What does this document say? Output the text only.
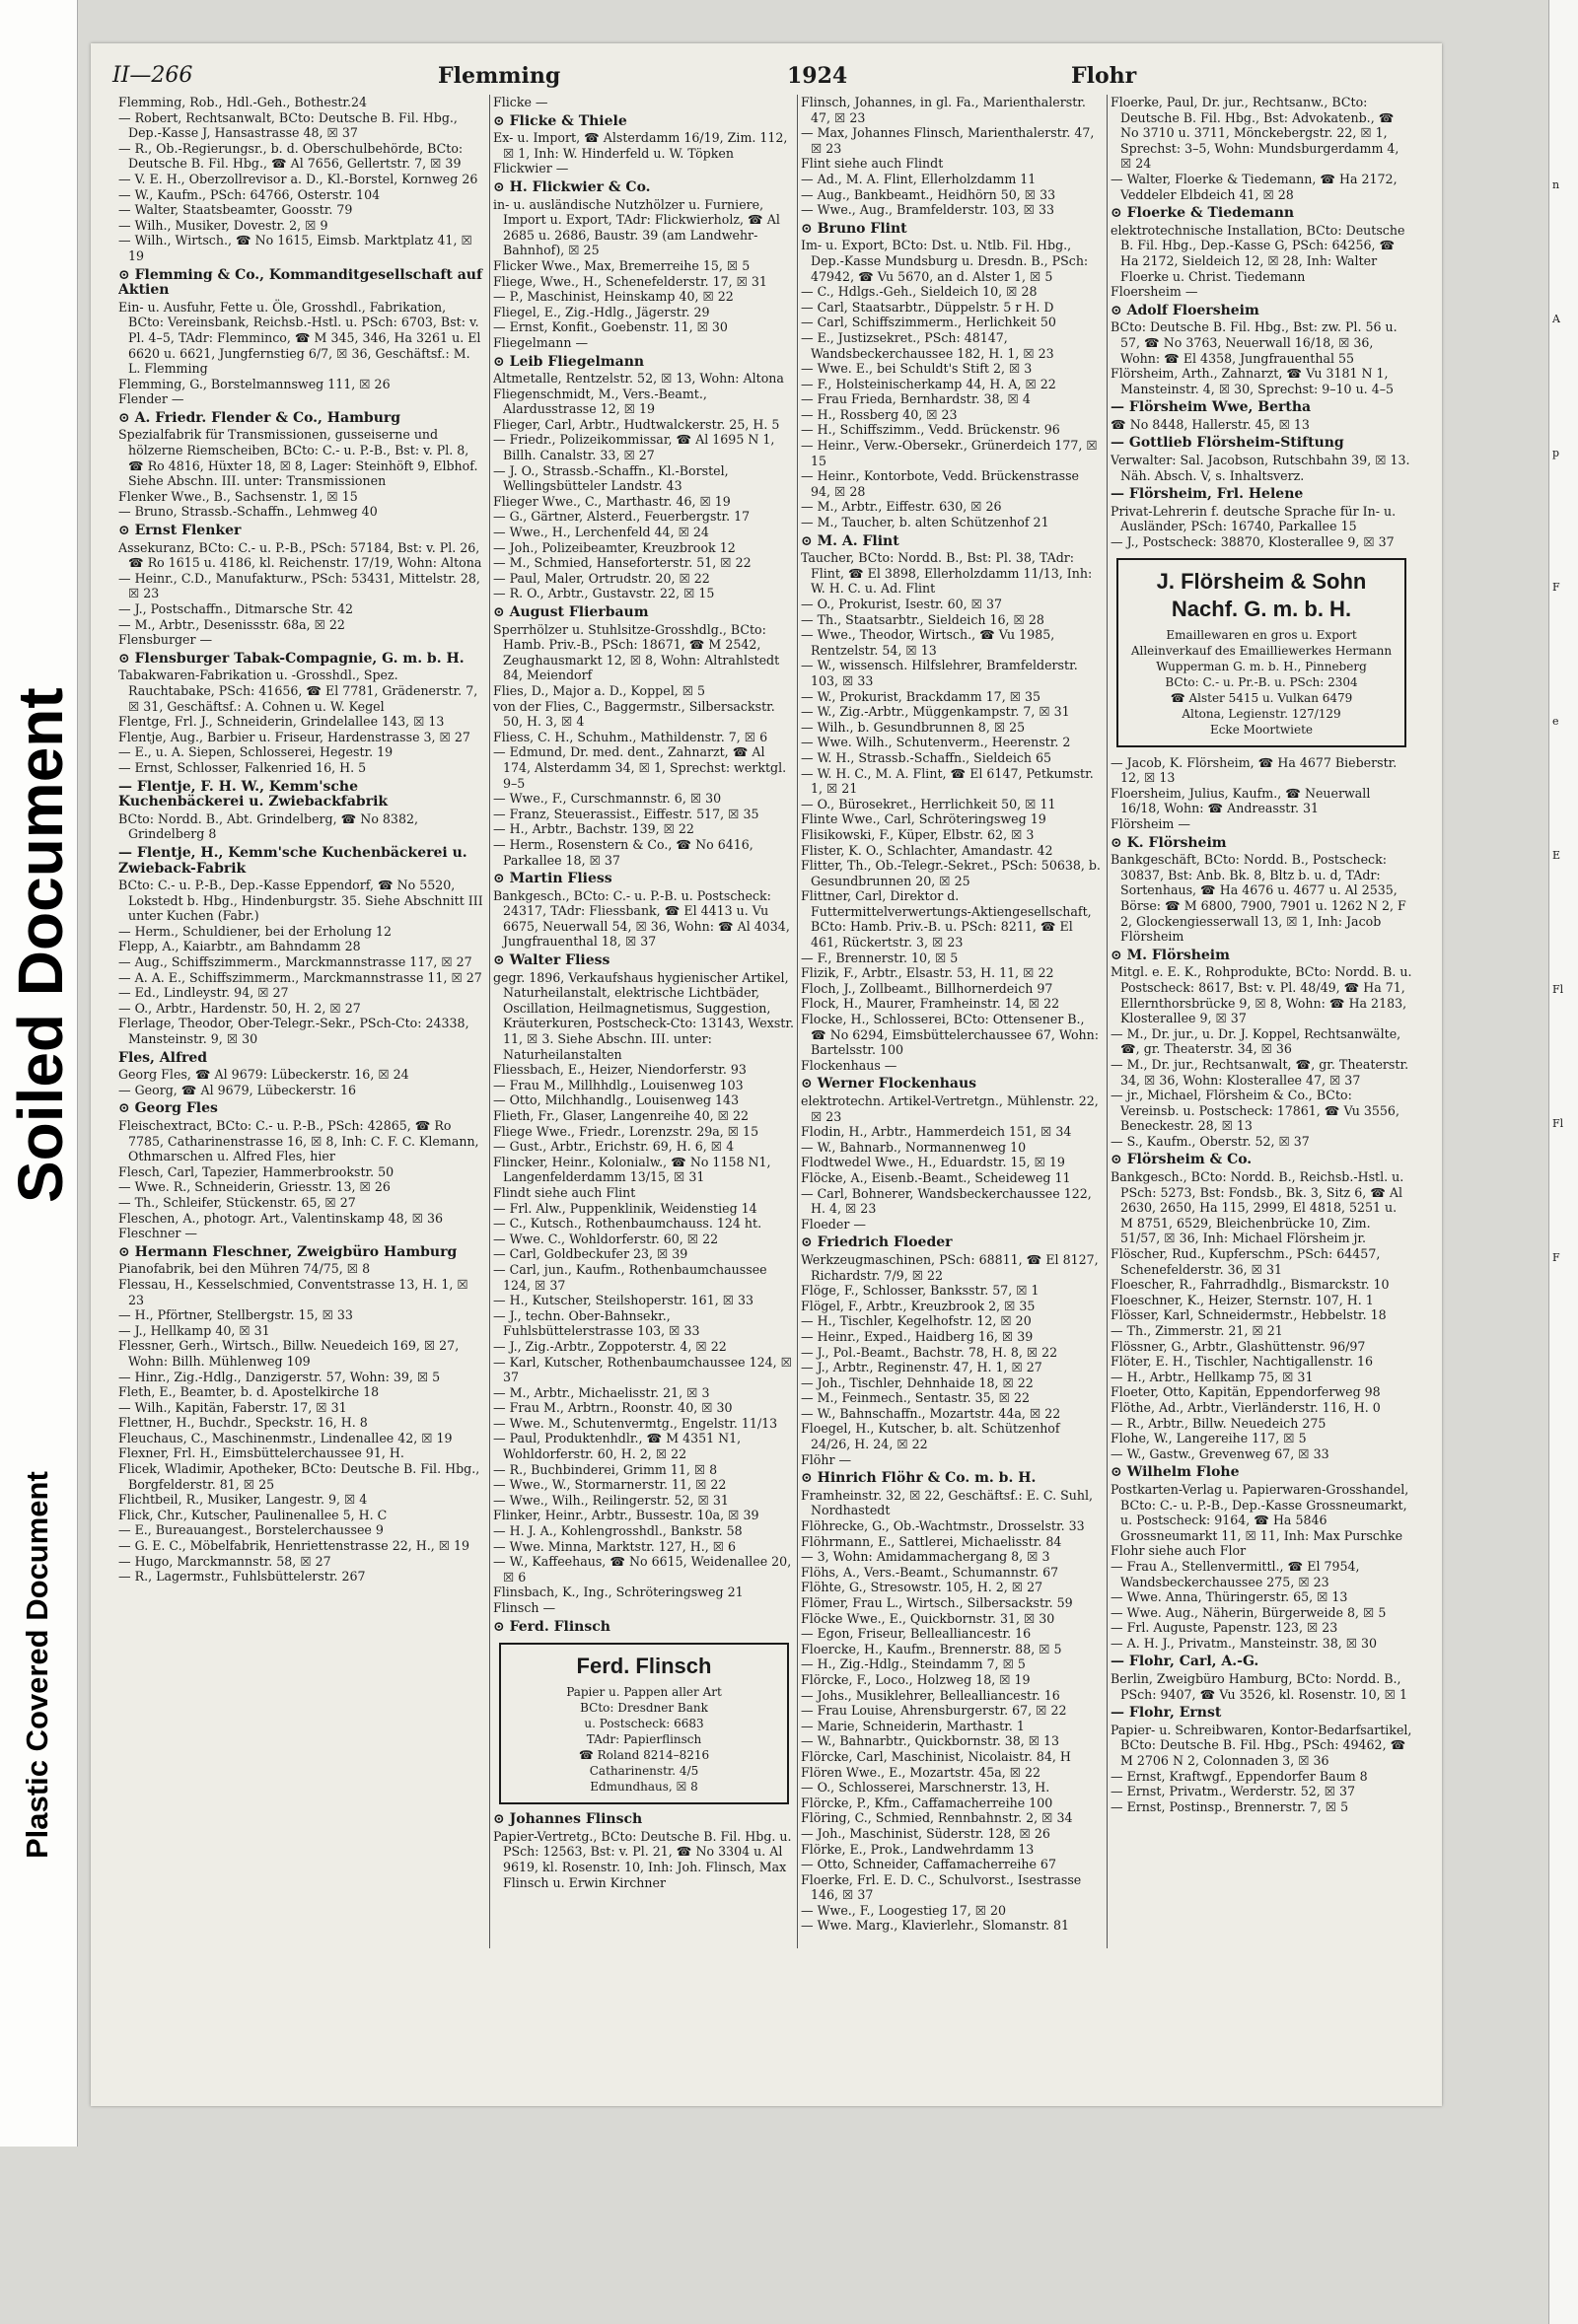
Soiled Document
Plastic Covered Document
II—266	Flemming	1924	Flohr

Flemming, Rob., Hdl.-Geh., Bothestr.24

— Robert, Rechtsanwalt, BCto: Deutsche B. Fil. Hbg., Dep.-Kasse J, Hansastrasse 48, ☒ 37

— R., Ob.-Regierungsr., b. d. Oberschulbehörde, BCto: Deutsche B. Fil. Hbg., ☎ Al 7656, Gellertstr. 7, ☒ 39

— V. E. H., Oberzollrevisor a. D., Kl.-Borstel, Kornweg 26

— W., Kaufm., PSch: 64766, Osterstr. 104

— Walter, Staatsbeamter, Goosstr. 79

— Wilh., Musiker, Dovestr. 2, ☒ 9

— Wilh., Wirtsch., ☎ No 1615, Eimsb. Marktplatz 41, ☒ 19

⊙ Flemming & Co., Kommanditgesellschaft auf Aktien

Ein- u. Ausfuhr, Fette u. Öle, Grosshdl., Fabrikation, BCto: Vereinsbank, Reichsb.-Hstl. u. PSch: 6703, Bst: v. Pl. 4–5, TAdr: Flemminco, ☎ M 345, 346, Ha 3261 u. El 6620 u. 6621, Jungfernstieg 6/7, ☒ 36, Geschäftsf.: M. L. Flemming

Flemming, G., Borstelmannsweg 111, ☒ 26

Flender —

⊙ A. Friedr. Flender & Co., Hamburg

Spezialfabrik für Transmissionen, gusseiserne und hölzerne Riemscheiben, BCto: C.- u. P.-B., Bst: v. Pl. 8, ☎ Ro 4816, Hüxter 18, ☒ 8, Lager: Steinhöft 9, Elbhof. Siehe Abschn. III. unter: Transmissionen

Flenker Wwe., B., Sachsenstr. 1, ☒ 15

— Bruno, Strassb.-Schaffn., Lehmweg 40

⊙ Ernst Flenker

Assekuranz, BCto: C.- u. P.-B., PSch: 57184, Bst: v. Pl. 26, ☎ Ro 1615 u. 4186, kl. Reichenstr. 17/19, Wohn: Altona

— Heinr., C.D., Manufakturw., PSch: 53431, Mittelstr. 28, ☒ 23

— J., Postschaffn., Ditmarsche Str. 42

— M., Arbtr., Desenissstr. 68a, ☒ 22

Flensburger —

⊙ Flensburger Tabak-Compagnie, G. m. b. H.

Tabakwaren-Fabrikation u. -Grosshdl., Spez. Rauchtabake, PSch: 41656, ☎ El 7781, Grädenerstr. 7, ☒ 31, Geschäftsf.: A. Cohnen u. W. Kegel

Flentge, Frl. J., Schneiderin, Grindelallee 143, ☒ 13

Flentje, Aug., Barbier u. Friseur, Hardenstrasse 3, ☒ 27

— E., u. A. Siepen, Schlosserei, Hegestr. 19

— Ernst, Schlosser, Falkenried 16, H. 5

— Flentje, F. H. W., Kemm'sche Kuchenbäckerei u. Zwiebackfabrik

BCto: Nordd. B., Abt. Grindelberg, ☎ No 8382, Grindelberg 8

— Flentje, H., Kemm'sche Kuchenbäckerei u. Zwieback-Fabrik

BCto: C.- u. P.-B., Dep.-Kasse Eppendorf, ☎ No 5520, Lokstedt b. Hbg., Hindenburgstr. 35. Siehe Abschnitt III unter Kuchen (Fabr.)

— Herm., Schuldiener, bei der Erholung 12

Flepp, A., Kaiarbtr., am Bahndamm 28

— Aug., Schiffszimmerm., Marckmannstrasse 117, ☒ 27

— A. A. E., Schiffszimmerm., Marckmannstrasse 11, ☒ 27

— Ed., Lindleystr. 94, ☒ 27

— O., Arbtr., Hardenstr. 50, H. 2, ☒ 27

Flerlage, Theodor, Ober-Telegr.-Sekr., PSch-Cto: 24338, Mansteinstr. 9, ☒ 30

Fles, Alfred

Georg Fles, ☎ Al 9679: Lübeckerstr. 16, ☒ 24

— Georg, ☎ Al 9679, Lübeckerstr. 16

⊙ Georg Fles

Fleischextract, BCto: C.- u. P.-B., PSch: 42865, ☎ Ro 7785, Catharinenstrasse 16, ☒ 8, Inh: C. F. C. Klemann, Othmarschen u. Alfred Fles, hier

Flesch, Carl, Tapezier, Hammerbrookstr. 50

— Wwe. R., Schneiderin, Griesstr. 13, ☒ 26

— Th., Schleifer, Stückenstr. 65, ☒ 27

Fleschen, A., photogr. Art., Valentinskamp 48, ☒ 36

Fleschner —

⊙ Hermann Fleschner, Zweigbüro Hamburg

Pianofabrik, bei den Mühren 74/75, ☒ 8

Flessau, H., Kesselschmied, Conventstrasse 13, H. 1, ☒ 23

— H., Pförtner, Stellbergstr. 15, ☒ 33

— J., Hellkamp 40, ☒ 31

Flessner, Gerh., Wirtsch., Billw. Neuedeich 169, ☒ 27, Wohn: Billh. Mühlenweg 109

— Hinr., Zig.-Hdlg., Danzigerstr. 57, Wohn: 39, ☒ 5

Fleth, E., Beamter, b. d. Apostelkirche 18

— Wilh., Kapitän, Faberstr. 17, ☒ 31

Flettner, H., Buchdr., Speckstr. 16, H. 8

Fleuchaus, C., Maschinenmstr., Lindenallee 42, ☒ 19

Flexner, Frl. H., Eimsbüttelerchaussee 91, H.

Flicek, Wladimir, Apotheker, BCto: Deutsche B. Fil. Hbg., Borgfelderstr. 81, ☒ 25

Flichtbeil, R., Musiker, Langestr. 9, ☒ 4

Flick, Chr., Kutscher, Paulinenallee 5, H. C

— E., Bureauangest., Borstelerchaussee 9

— G. E. C., Möbelfabrik, Henriettenstrasse 22, H., ☒ 19

— Hugo, Marckmannstr. 58, ☒ 27

— R., Lagermstr., Fuhlsbüttelerstr. 267

Flicke —

⊙ Flicke & Thiele

Ex- u. Import, ☎ Alsterdamm 16/19, Zim. 112, ☒ 1, Inh: W. Hinderfeld u. W. Töpken

Flickwier —

⊙ H. Flickwier & Co.

in- u. ausländische Nutzhölzer u. Furniere, Import u. Export, TAdr: Flickwierholz, ☎ Al 2685 u. 2686, Baustr. 39 (am Landwehr-Bahnhof), ☒ 25

Flicker Wwe., Max, Bremerreihe 15, ☒ 5

Fliege, Wwe., H., Schenefelderstr. 17, ☒ 31

— P., Maschinist, Heinskamp 40, ☒ 22

Fliegel, E., Zig.-Hdlg., Jägerstr. 29

— Ernst, Konfit., Goebenstr. 11, ☒ 30

Fliegelmann —

⊙ Leib Fliegelmann

Altmetalle, Rentzelstr. 52, ☒ 13, Wohn: Altona

Fliegenschmidt, M., Vers.-Beamt., Alardusstrasse 12, ☒ 19

Flieger, Carl, Arbtr., Hudtwalckerstr. 25, H. 5

— Friedr., Polizeikommissar, ☎ Al 1695 N 1, Billh. Canalstr. 33, ☒ 27

— J. O., Strassb.-Schaffn., Kl.-Borstel, Wellingsbütteler Landstr. 43

Flieger Wwe., C., Marthastr. 46, ☒ 19

— G., Gärtner, Alsterd., Feuerbergstr. 17

— Wwe., H., Lerchenfeld 44, ☒ 24

— Joh., Polizeibeamter, Kreuzbrook 12

— M., Schmied, Hanseforterstr. 51, ☒ 22

— Paul, Maler, Ortrudstr. 20, ☒ 22

— R. O., Arbtr., Gustavstr. 22, ☒ 15

⊙ August Flierbaum

Sperrhölzer u. Stuhlsitze-Grosshdlg., BCto: Hamb. Priv.-B., PSch: 18671, ☎ M 2542, Zeughausmarkt 12, ☒ 8, Wohn: Altrahlstedt 84, Meiendorf

Flies, D., Major a. D., Koppel, ☒ 5

von der Flies, C., Baggermstr., Silbersackstr. 50, H. 3, ☒ 4

Fliess, C. H., Schuhm., Mathildenstr. 7, ☒ 6

— Edmund, Dr. med. dent., Zahnarzt, ☎ Al 174, Alsterdamm 34, ☒ 1, Sprechst: werktgl. 9–5

— Wwe., F., Curschmannstr. 6, ☒ 30

— Franz, Steuerassist., Eiffestr. 517, ☒ 35

— H., Arbtr., Bachstr. 139, ☒ 22

— Herm., Rosenstern & Co., ☎ No 6416, Parkallee 18, ☒ 37

⊙ Martin Fliess

Bankgesch., BCto: C.- u. P.-B. u. Postscheck: 24317, TAdr: Fliessbank, ☎ El 4413 u. Vu 6675, Neuerwall 54, ☒ 36, Wohn: ☎ Al 4034, Jungfrauenthal 18, ☒ 37

⊙ Walter Fliess

gegr. 1896, Verkaufshaus hygienischer Artikel, Naturheilanstalt, elektrische Lichtbäder, Oscillation, Heilmagnetismus, Suggestion, Kräuterkuren, Postscheck-Cto: 13143, Wexstr. 11, ☒ 3. Siehe Abschn. III. unter: Naturheilanstalten

Fliessbach, E., Heizer, Niendorferstr. 93

— Frau M., Millhhdlg., Louisenweg 103

— Otto, Milchhandlg., Louisenweg 143

Flieth, Fr., Glaser, Langenreihe 40, ☒ 22

Fliege Wwe., Friedr., Lorenzstr. 29a, ☒ 15

— Gust., Arbtr., Erichstr. 69, H. 6, ☒ 4

Flincker, Heinr., Kolonialw., ☎ No 1158 N1, Langenfelderdamm 13/15, ☒ 31

Flindt siehe auch Flint

— Frl. Alw., Puppenklinik, Weidenstieg 14

— C., Kutsch., Rothenbaumchauss. 124 ht.

— Wwe. C., Wohldorferstr. 60, ☒ 22

— Carl, Goldbeckufer 23, ☒ 39

— Carl, jun., Kaufm., Rothenbaumchaussee 124, ☒ 37

— H., Kutscher, Steilshoperstr. 161, ☒ 33

— J., techn. Ober-Bahnsekr., Fuhlsbüttelerstrasse 103, ☒ 33

— J., Zig.-Arbtr., Zoppoterstr. 4, ☒ 22

— Karl, Kutscher, Rothenbaumchaussee 124, ☒ 37

— M., Arbtr., Michaelisstr. 21, ☒ 3

— Frau M., Arbtrn., Roonstr. 40, ☒ 30

— Wwe. M., Schutenvermtg., Engelstr. 11/13

— Paul, Produktenhdlr., ☎ M 4351 N1, Wohldorferstr. 60, H. 2, ☒ 22

— R., Buchbinderei, Grimm 11, ☒ 8

— Wwe., W., Stormarnerstr. 11, ☒ 22

— Wwe., Wilh., Reilingerstr. 52, ☒ 31

Flinker, Heinr., Arbtr., Bussestr. 10a, ☒ 39

— H. J. A., Kohlengrosshdl., Bankstr. 58

— Wwe. Minna, Marktstr. 127, H., ☒ 6

— W., Kaffeehaus, ☎ No 6615, Weidenallee 20, ☒ 6

Flinsbach, K., Ing., Schröteringsweg 21

Flinsch —

⊙ Ferd. Flinsch
Ferd. Flinsch
Papier u. Pappen aller Art
BCto: Dresdner Bank
u. Postscheck: 6683
TAdr: Papierflinsch
☎ Roland 8214–8216
Catharinenstr. 4/5
Edmundhaus, ☒ 8
⊙ Johannes Flinsch

Papier-Vertretg., BCto: Deutsche B. Fil. Hbg. u. PSch: 12563, Bst: v. Pl. 21, ☎ No 3304 u. Al 9619, kl. Rosenstr. 10, Inh: Joh. Flinsch, Max Flinsch u. Erwin Kirchner

Flinsch, Johannes, in gl. Fa., Marienthalerstr. 47, ☒ 23

— Max, Johannes Flinsch, Marienthalerstr. 47, ☒ 23

Flint siehe auch Flindt

— Ad., M. A. Flint, Ellerholzdamm 11

— Aug., Bankbeamt., Heidhörn 50, ☒ 33

— Wwe., Aug., Bramfelderstr. 103, ☒ 33

⊙ Bruno Flint

Im- u. Export, BCto: Dst. u. Ntlb. Fil. Hbg., Dep.-Kasse Mundsburg u. Dresdn. B., PSch: 47942, ☎ Vu 5670, an d. Alster 1, ☒ 5

— C., Hdlgs.-Geh., Sieldeich 10, ☒ 28

— Carl, Staatsarbtr., Düppelstr. 5 r H. D

— Carl, Schiffszimmerm., Herlichkeit 50

— E., Justizsekret., PSch: 48147, Wandsbeckerchaussee 182, H. 1, ☒ 23

— Wwe. E., bei Schuldt's Stift 2, ☒ 3

— F., Holsteinischerkamp 44, H. A, ☒ 22

— Frau Frieda, Bernhardstr. 38, ☒ 4

— H., Rossberg 40, ☒ 23

— H., Schiffszimm., Vedd. Brückenstr. 96

— Heinr., Verw.-Obersekr., Grünerdeich 177, ☒ 15

— Heinr., Kontorbote, Vedd. Brückenstrasse 94, ☒ 28

— M., Arbtr., Eiffestr. 630, ☒ 26

— M., Taucher, b. alten Schützenhof 21

⊙ M. A. Flint

Taucher, BCto: Nordd. B., Bst: Pl. 38, TAdr: Flint, ☎ El 3898, Ellerholzdamm 11/13, Inh: W. H. C. u. Ad. Flint

— O., Prokurist, Isestr. 60, ☒ 37

— Th., Staatsarbtr., Sieldeich 16, ☒ 28

— Wwe., Theodor, Wirtsch., ☎ Vu 1985, Rentzelstr. 54, ☒ 13

— W., wissensch. Hilfslehrer, Bramfelderstr. 103, ☒ 33

— W., Prokurist, Brackdamm 17, ☒ 35

— W., Zig.-Arbtr., Müggenkampstr. 7, ☒ 31

— Wilh., b. Gesundbrunnen 8, ☒ 25

— Wwe. Wilh., Schutenverm., Heerenstr. 2

— W. H., Strassb.-Schaffn., Sieldeich 65

— W. H. C., M. A. Flint, ☎ El 6147, Petkumstr. 1, ☒ 21

— O., Bürosekret., Herrlichkeit 50, ☒ 11

Flinte Wwe., Carl, Schröteringsweg 19

Flisikowski, F., Küper, Elbstr. 62, ☒ 3

Flister, K. O., Schlachter, Amandastr. 42

Flitter, Th., Ob.-Telegr.-Sekret., PSch: 50638, b. Gesundbrunnen 20, ☒ 25

Flittner, Carl, Direktor d. Futtermittelverwertungs-Aktiengesellschaft, BCto: Hamb. Priv.-B. u. PSch: 8211, ☎ El 461, Rückertstr. 3, ☒ 23

— F., Brennerstr. 10, ☒ 5

Flizik, F., Arbtr., Elsastr. 53, H. 11, ☒ 22

Floch, J., Zollbeamt., Billhornerdeich 97

Flock, H., Maurer, Framheinstr. 14, ☒ 22

Flocke, H., Schlosserei, BCto: Ottensener B., ☎ No 6294, Eimsbüttelerchaussee 67, Wohn: Bartelsstr. 100

Flockenhaus —

⊙ Werner Flockenhaus

elektrotechn. Artikel-Vertretgn., Mühlenstr. 22, ☒ 23

Flodin, H., Arbtr., Hammerdeich 151, ☒ 34

— W., Bahnarb., Normannenweg 10

Flodtwedel Wwe., H., Eduardstr. 15, ☒ 19

Flöcke, A., Eisenb.-Beamt., Scheideweg 11

— Carl, Bohnerer, Wandsbeckerchaussee 122, H. 4, ☒ 23

Floeder —

⊙ Friedrich Floeder

Werkzeugmaschinen, PSch: 68811, ☎ El 8127, Richardstr. 7/9, ☒ 22

Flöge, F., Schlosser, Banksstr. 57, ☒ 1

Flögel, F., Arbtr., Kreuzbrook 2, ☒ 35

— H., Tischler, Kegelhofstr. 12, ☒ 20

— Heinr., Exped., Haidberg 16, ☒ 39

— J., Pol.-Beamt., Bachstr. 78, H. 8, ☒ 22

— J., Arbtr., Reginenstr. 47, H. 1, ☒ 27

— Joh., Tischler, Dehnhaide 18, ☒ 22

— M., Feinmech., Sentastr. 35, ☒ 22

— W., Bahnschaffn., Mozartstr. 44a, ☒ 22

Floegel, H., Kutscher, b. alt. Schützenhof 24/26, H. 24, ☒ 22

Flöhr —

⊙ Hinrich Flöhr & Co. m. b. H.

Framheinstr. 32, ☒ 22, Geschäftsf.: E. C. Suhl, Nordhastedt

Flöhrecke, G., Ob.-Wachtmstr., Drosselstr. 33

Flöhrmann, E., Sattlerei, Michaelisstr. 84

— 3, Wohn: Amidammachergang 8, ☒ 3

Flöhs, A., Vers.-Beamt., Schumannstr. 67

Flöhte, G., Stresowstr. 105, H. 2, ☒ 27

Flömer, Frau L., Wirtsch., Silbersackstr. 59

Flöcke Wwe., E., Quickbornstr. 31, ☒ 30

— Egon, Friseur, Bellealliancestr. 16

Floercke, H., Kaufm., Brennerstr. 88, ☒ 5

— H., Zig.-Hdlg., Steindamm 7, ☒ 5

Flörcke, F., Loco., Holzweg 18, ☒ 19

— Johs., Musiklehrer, Bellealliancestr. 16

— Frau Louise, Ahrensburgerstr. 67, ☒ 22

— Marie, Schneiderin, Marthastr. 1

— W., Bahnarbtr., Quickbornstr. 38, ☒ 13

Flörcke, Carl, Maschinist, Nicolaistr. 84, H

Flören Wwe., E., Mozartstr. 45a, ☒ 22

— O., Schlosserei, Marschnerstr. 13, H.

Flörcke, P., Kfm., Caffamacherreihe 100

Flöring, C., Schmied, Rennbahnstr. 2, ☒ 34

— Joh., Maschinist, Süderstr. 128, ☒ 26

Flörke, E., Prok., Landwehrdamm 13

— Otto, Schneider, Caffamacherreihe 67

Floerke, Frl. E. D. C., Schulvorst., Isestrasse 146, ☒ 37

— Wwe., F., Loogestieg 17, ☒ 20

— Wwe. Marg., Klavierlehr., Slomanstr. 81

Floerke, Paul, Dr. jur., Rechtsanw., BCto: Deutsche B. Fil. Hbg., Bst: Advokatenb., ☎ No 3710 u. 3711, Mönckebergstr. 22, ☒ 1, Sprechst: 3–5, Wohn: Mundsburgerdamm 4, ☒ 24

— Walter, Floerke & Tiedemann, ☎ Ha 2172, Veddeler Elbdeich 41, ☒ 28

⊙ Floerke & Tiedemann

elektrotechnische Installation, BCto: Deutsche B. Fil. Hbg., Dep.-Kasse G, PSch: 64256, ☎ Ha 2172, Sieldeich 12, ☒ 28, Inh: Walter Floerke u. Christ. Tiedemann

Floersheim —

⊙ Adolf Floersheim

BCto: Deutsche B. Fil. Hbg., Bst: zw. Pl. 56 u. 57, ☎ No 3763, Neuerwall 16/18, ☒ 36, Wohn: ☎ El 4358, Jungfrauenthal 55

Flörsheim, Arth., Zahnarzt, ☎ Vu 3181 N 1, Mansteinstr. 4, ☒ 30, Sprechst: 9–10 u. 4–5

— Flörsheim Wwe, Bertha

☎ No 8448, Hallerstr. 45, ☒ 13

— Gottlieb Flörsheim-Stiftung

Verwalter: Sal. Jacobson, Rutschbahn 39, ☒ 13. Näh. Absch. V, s. Inhaltsverz.

— Flörsheim, Frl. Helene

Privat-Lehrerin f. deutsche Sprache für In- u. Ausländer, PSch: 16740, Parkallee 15

— J., Postscheck: 38870, Klosterallee 9, ☒ 37

J. Flörsheim & Sohn Nachf. G. m. b. H.
Emaillewaren en gros u. Export
Alleinverkauf des Emailliewerkes Hermann Wupperman G. m. b. H., Pinneberg
BCto: C.- u. Pr.-B. u. PSch: 2304
☎ Alster 5415 u. Vulkan 6479
Altona, Legienstr. 127/129
Ecke Moortwiete

— Jacob, K. Flörsheim, ☎ Ha 4677 Bieberstr. 12, ☒ 13

Floersheim, Julius, Kaufm., ☎ Neuerwall 16/18, Wohn: ☎ Andreasstr. 31

Flörsheim —

⊙ K. Flörsheim

Bankgeschäft, BCto: Nordd. B., Postscheck: 30837, Bst: Anb. Bk. 8, Bltz b. u. d, TAdr: Sortenhaus, ☎ Ha 4676 u. 4677 u. Al 2535, Börse: ☎ M 6800, 7900, 7901 u. 1262 N 2, F 2, Glockengiesserwall 13, ☒ 1, Inh: Jacob Flörsheim

⊙ M. Flörsheim

Mitgl. e. E. K., Rohprodukte, BCto: Nordd. B. u. Postscheck: 8617, Bst: v. Pl. 48/49, ☎ Ha 71, Ellernthorsbrücke 9, ☒ 8, Wohn: ☎ Ha 2183, Klosterallee 9, ☒ 37

— M., Dr. jur., u. Dr. J. Koppel, Rechtsanwälte, ☎, gr. Theaterstr. 34, ☒ 36

— M., Dr. jur., Rechtsanwalt, ☎, gr. Theaterstr. 34, ☒ 36, Wohn: Klosterallee 47, ☒ 37

— jr., Michael, Flörsheim & Co., BCto: Vereinsb. u. Postscheck: 17861, ☎ Vu 3556, Beneckestr. 28, ☒ 13

— S., Kaufm., Oberstr. 52, ☒ 37

⊙ Flörsheim & Co.

Bankgesch., BCto: Nordd. B., Reichsb.-Hstl. u. PSch: 5273, Bst: Fondsb., Bk. 3, Sitz 6, ☎ Al 2630, 2650, Ha 115, 2999, El 4818, 5251 u. M 8751, 6529, Bleichenbrücke 10, Zim. 51/57, ☒ 36, Inh: Michael Flörsheim jr.

Flöscher, Rud., Kupferschm., PSch: 64457, Schenefelderstr. 36, ☒ 31

Floescher, R., Fahrradhdlg., Bismarckstr. 10

Floeschner, K., Heizer, Sternstr. 107, H. 1

Flösser, Karl, Schneidermstr., Hebbelstr. 18

— Th., Zimmerstr. 21, ☒ 21

Flössner, G., Arbtr., Glashüttenstr. 96/97

Flöter, E. H., Tischler, Nachtigallenstr. 16

— H., Arbtr., Hellkamp 75, ☒ 31

Floeter, Otto, Kapitän, Eppendorferweg 98

Flöthe, Ad., Arbtr., Vierländerstr. 116, H. 0

— R., Arbtr., Billw. Neuedeich 275

Flohe, W., Langereihe 117, ☒ 5

— W., Gastw., Grevenweg 67, ☒ 33

⊙ Wilhelm Flohe

Postkarten-Verlag u. Papierwaren-Grosshandel, BCto: C.- u. P.-B., Dep.-Kasse Grossneumarkt, u. Postscheck: 9164, ☎ Ha 5846 Grossneumarkt 11, ☒ 11, Inh: Max Purschke

Flohr siehe auch Flor

— Frau A., Stellenvermittl., ☎ El 7954, Wandsbeckerchaussee 275, ☒ 23

— Wwe. Anna, Thüringerstr. 65, ☒ 13

— Wwe. Aug., Näherin, Bürgerweide 8, ☒ 5

— Frl. Auguste, Papenstr. 123, ☒ 23

— A. H. J., Privatm., Mansteinstr. 38, ☒ 30

— Flohr, Carl, A.-G.

Berlin, Zweigbüro Hamburg, BCto: Nordd. B., PSch: 9407, ☎ Vu 3526, kl. Rosenstr. 10, ☒ 1

— Flohr, Ernst

Papier- u. Schreibwaren, Kontor-Bedarfsartikel, BCto: Deutsche B. Fil. Hbg., PSch: 49462, ☎ M 2706 N 2, Colonnaden 3, ☒ 36

— Ernst, Kraftwgf., Eppendorfer Baum 8

— Ernst, Privatm., Werderstr. 52, ☒ 37

— Ernst, Postinsp., Brennerstr. 7, ☒ 5

n
A
p
F
e
E
Fl
Fl
F
